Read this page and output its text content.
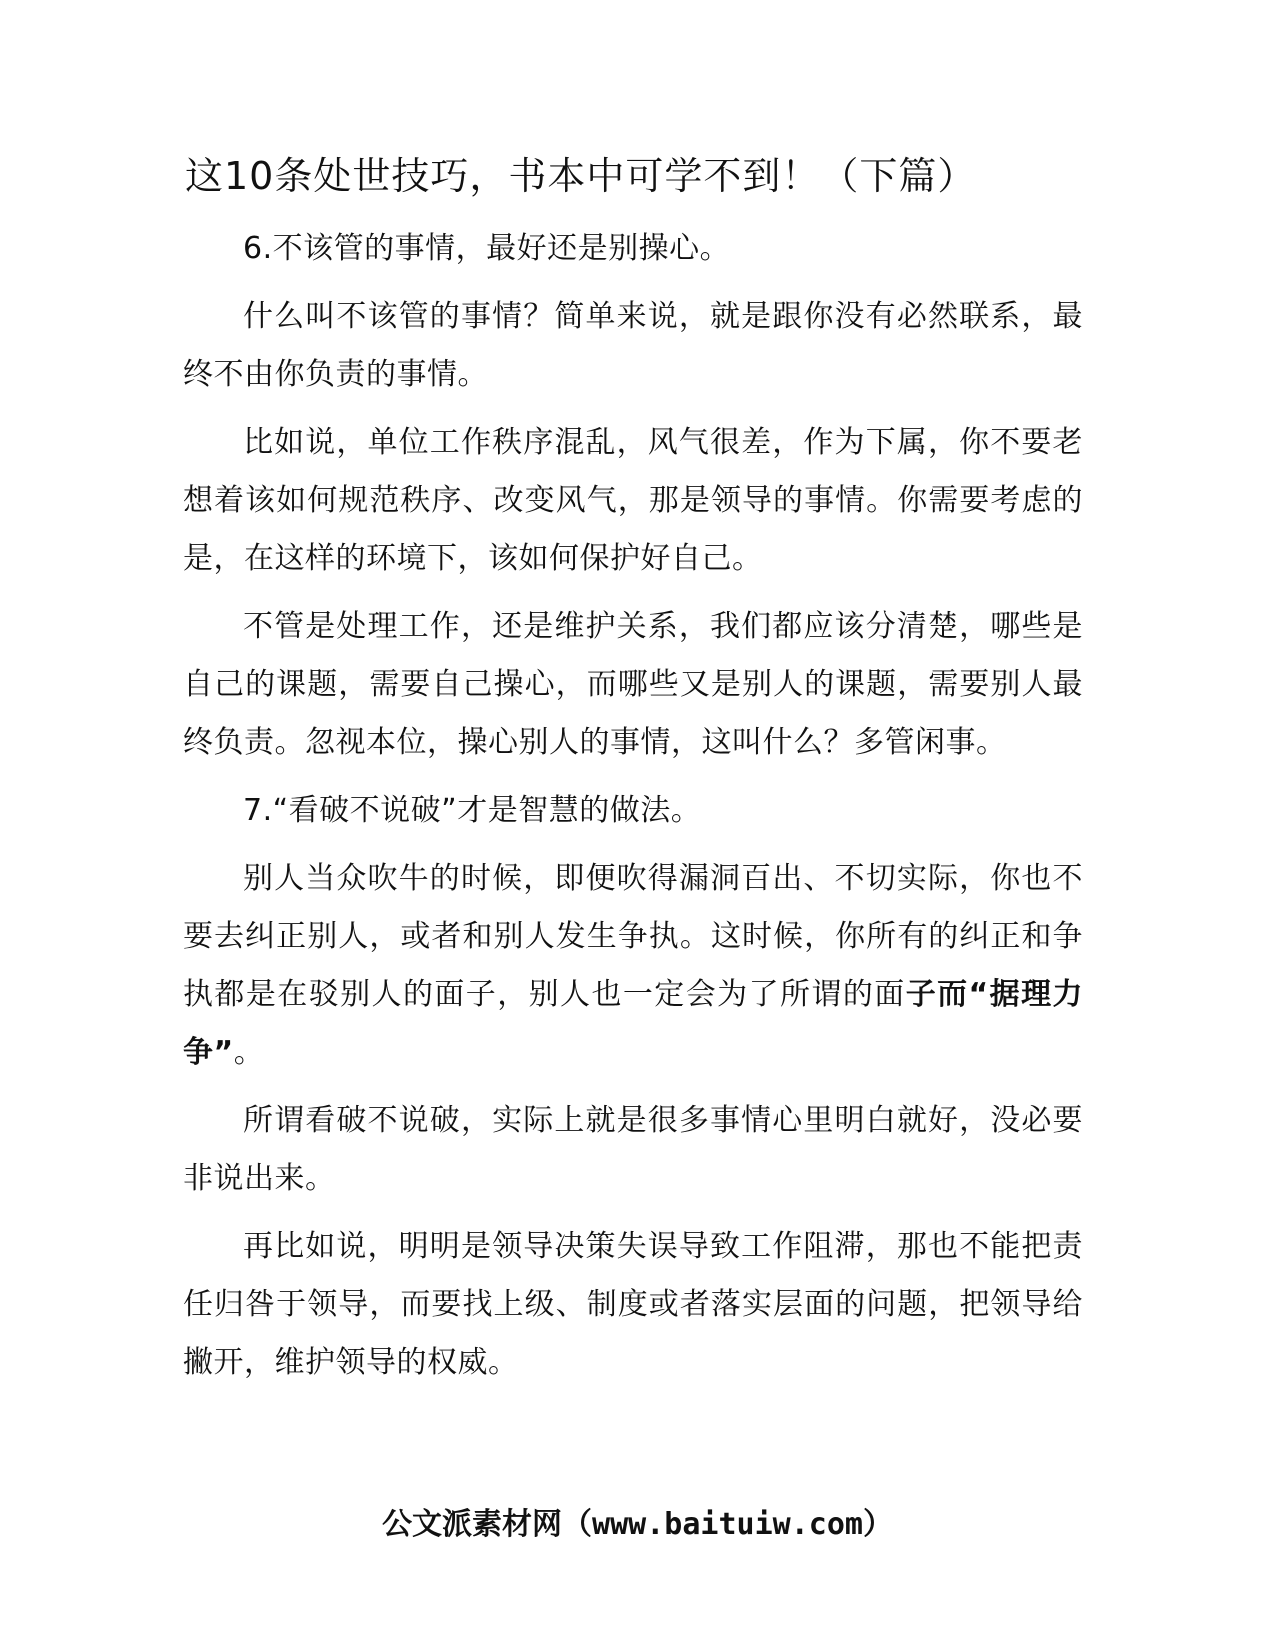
这10条处世技巧，书本中可学不到！（下篇）

6.不该管的事情，最好还是别操心。

什么叫不该管的事情？简单来说，就是跟你没有必然联系，最终不由你负责的事情。

比如说，单位工作秩序混乱，风气很差，作为下属，你不要老想着该如何规范秩序、改变风气，那是领导的事情。你需要考虑的是，在这样的环境下，该如何保护好自己。

不管是处理工作，还是维护关系，我们都应该分清楚，哪些是自己的课题，需要自己操心，而哪些又是别人的课题，需要别人最终负责。忽视本位，操心别人的事情，这叫什么？多管闲事。

7.“看破不说破”才是智慧的做法。

别人当众吹牛的时候，即便吹得漏洞百出、不切实际，你也不要去纠正别人，或者和别人发生争执。这时候，你所有的纠正和争执都是在驳别人的面子，别人也一定会为了所谓的面子而“据理力争”。

所谓看破不说破，实际上就是很多事情心里明白就好，没必要非说出来。

再比如说，明明是领导决策失误导致工作阻滞，那也不能把责任归咎于领导，而要找上级、制度或者落实层面的问题，把领导给撇开，维护领导的权威。

公文派素材网（www.baituiw.com）
